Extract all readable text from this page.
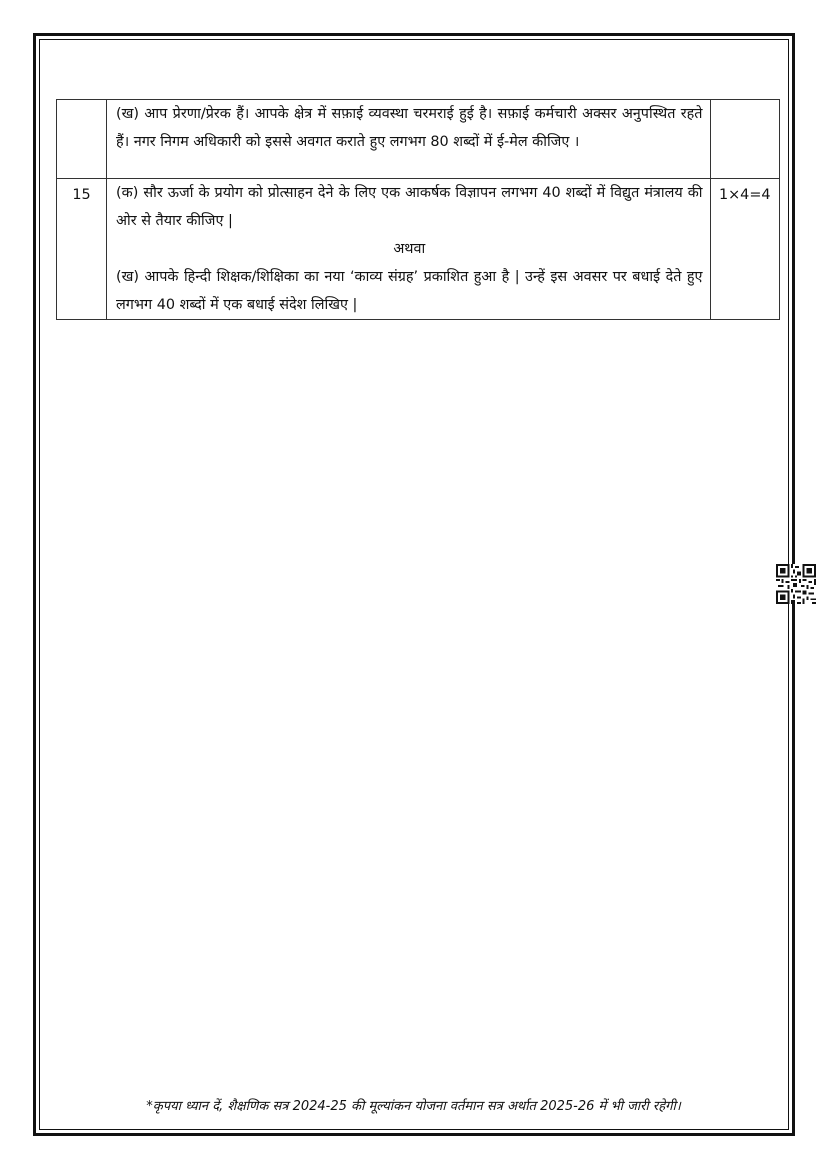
	(ख) आप प्रेरणा/प्रेरक हैं। आपके क्षेत्र में सफ़ाई व्यवस्था चरमराई हुई है। सफ़ाई कर्मचारी अक्सर अनुपस्थित रहते हैं। नगर निगम अधिकारी को इससे अवगत कराते हुए लगभग 80 शब्दों में ई-मेल कीजिए ।	

15	(क) सौर ऊर्जा के प्रयोग को प्रोत्साहन देने के लिए एक आकर्षक विज्ञापन लगभग 40 शब्दों में विद्युत मंत्रालय की ओर से तैयार कीजिए |
अथवा
(ख) आपके हिन्दी शिक्षक/शिक्षिका का नया ‘काव्य संग्रह’ प्रकाशित हुआ है | उन्हें इस अवसर पर बधाई देते हुए लगभग 40 शब्दों में एक बधाई संदेश लिखिए |	1×4=4
*कृपया ध्यान दें, शैक्षणिक सत्र 2024-25 की मूल्यांकन योजना वर्तमान सत्र अर्थात 2025-26 में भी जारी रहेगी।
